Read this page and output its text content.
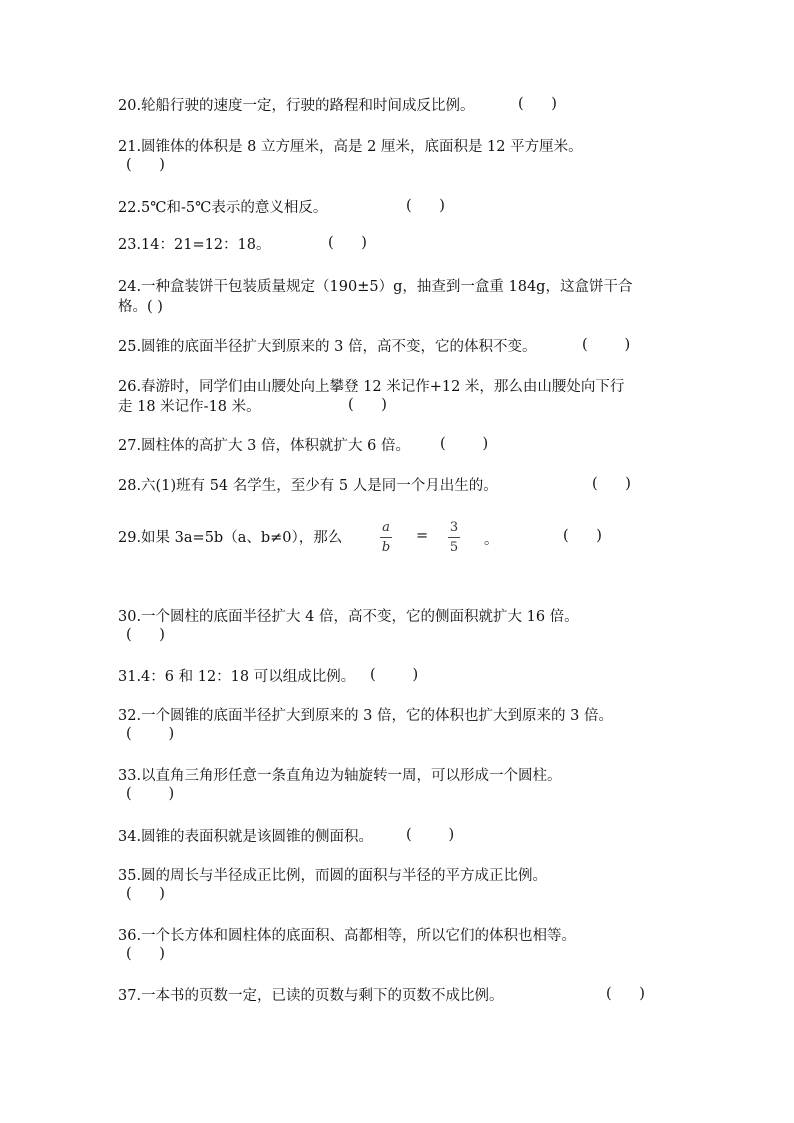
20.轮船行驶的速度一定，行驶的路程和时间成反比例。	(      )
21.圆锥体的体积是 8 立方厘米，高是 2 厘米，底面积是 12 平方厘米。
(      )
22.5℃和-5℃表示的意义相反。	(      )
23.14：21=12：18。	(      )
24.一种盒装饼干包装质量规定（190±5）g，抽查到一盒重 184g，这盒饼干合
格。( )
25.圆锥的底面半径扩大到原来的 3 倍，高不变，它的体积不变。	(        )
26.春游时，同学们由山腰处向上攀登 12 米记作+12 米，那么由山腰处向下行
走 18 米记作-18 米。	(      )
27.圆柱体的高扩大 3 倍，体积就扩大 6 倍。 (        )
28.六(1)班有 54 名学生，至少有 5 人是同一个月出生的。	(      )
29.如果 3a=5b（a、b≠0），那么
a
b
=
3
5 。	(      )
30.一个圆柱的底面半径扩大 4 倍，高不变，它的侧面积就扩大 16 倍。
(      )
31.4：6 和 12：18 可以组成比例。 (        )
32.一个圆锥的底面半径扩大到原来的 3 倍，它的体积也扩大到原来的 3 倍。
(        )
33.以直角三角形任意一条直角边为轴旋转一周，可以形成一个圆柱。
(        )
34.圆锥的表面积就是该圆锥的侧面积。 (        )
35.圆的周长与半径成正比例，而圆的面积与半径的平方成正比例。
(      )
36.一个长方体和圆柱体的底面积、高都相等，所以它们的体积也相等。
(      )
37.一本书的页数一定，已读的页数与剩下的页数不成比例。	(      )
